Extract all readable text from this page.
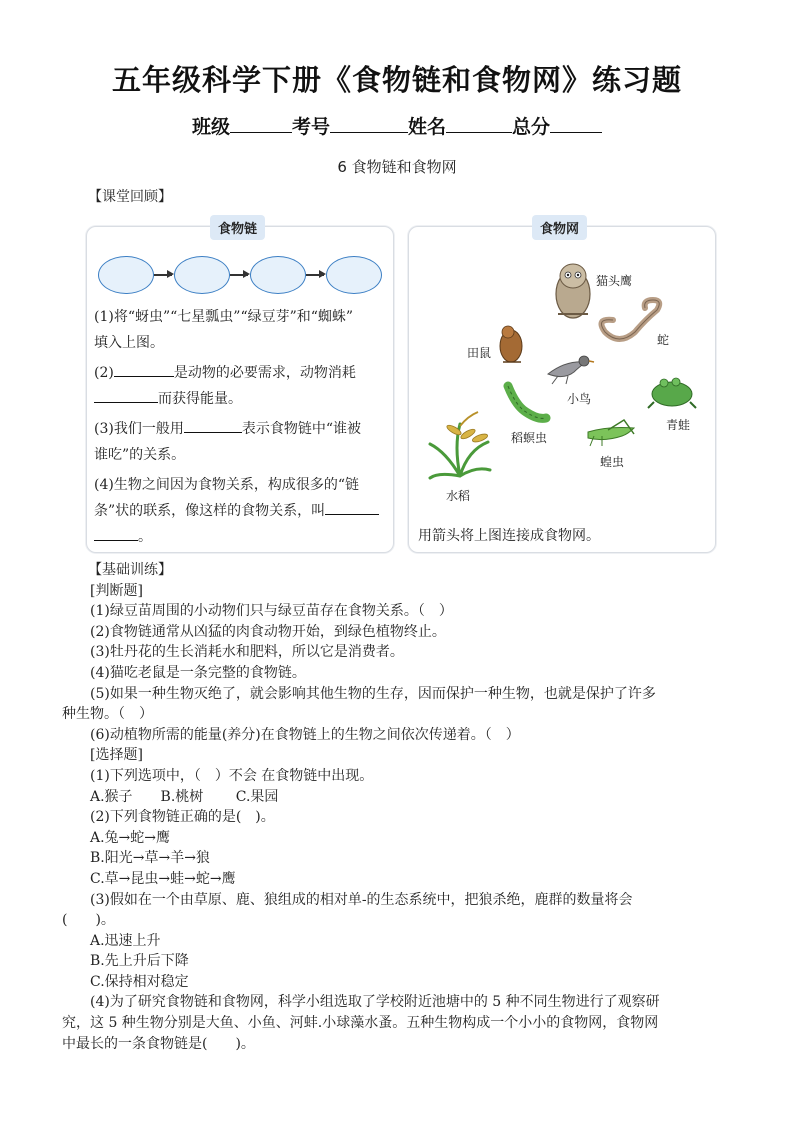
五年级科学下册《食物链和食物网》练习题
班级	考号	姓名	总分
6 食物链和食物网
【课堂回顾】
食物链
(1)将“蚜虫”“七星瓢虫”“绿豆芽”和“蜘蛛”
填入上图。
(2)	是动物的必要需求，动物消耗
而获得能量。
(3)我们一般用	表示食物链中“谁被
谁吃”的关系。
(4)生物之间因为食物关系，构成很多的“链
条”状的联系，像这样的食物关系，叫
。
食物网
猫头鹰
蛇
田鼠
小鸟
青蛙
稻螟虫
蝗虫
水稻
用箭头将上图连接成食物网。

【基础训练】

[判断题]

(1)绿豆苗周围的小动物们只与绿豆苗存在食物关系。（　）

(2)食物链通常从凶猛的肉食动物开始，到绿色植物终止。

(3)牡丹花的生长消耗水和肥料，所以它是消费者。

(4)猫吃老鼠是一条完整的食物链。

(5)如果一种生物灭绝了，就会影响其他生物的生存，因而保护一种生物，也就是保护了许多

种生物。（　）

(6)动植物所需的能量(养分)在食物链上的生物之间依次传递着。（　）

[选择题]

(1)下列选项中，（　）不会 在食物链中出现。

A.猴子　　B.桃树　　 C.果园

(2)下列食物链正确的是(　)。

A.兔→蛇→鹰

B.阳光→草→羊→狼

C.草→昆虫→蛙→蛇→鹰

(3)假如在一个由草原、鹿、狼组成的相对单-的生态系统中，把狼杀绝，鹿群的数量将会

(　　)。

A.迅速上升

B.先上升后下降

C.保持相对稳定

(4)为了研究食物链和食物网，科学小组选取了学校附近池塘中的 5 种不同生物进行了观察研

究，这 5 种生物分别是大鱼、小鱼、河蚌.小球藻水蚤。五种生物构成一个小小的食物网，食物网

中最长的一条食物链是(　　)。
